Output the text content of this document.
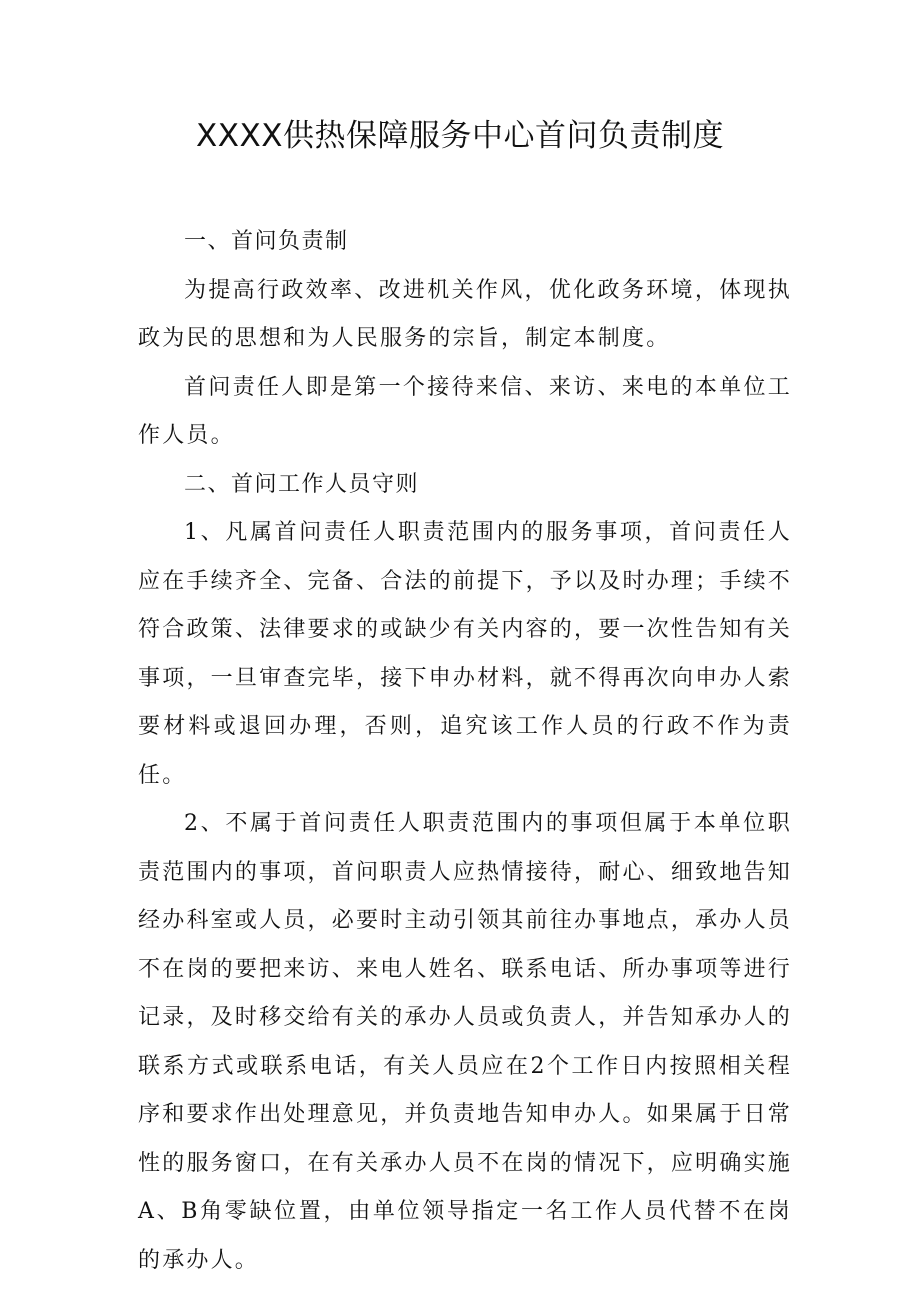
XXXX供热保障服务中心首问负责制度
一、首问负责制

为提高行政效率、改进机关作风，优化政务环境，体现执政为民的思想和为人民服务的宗旨，制定本制度。

首问责任人即是第一个接待来信、来访、来电的本单位工作人员。

二、首问工作人员守则

1、凡属首问责任人职责范围内的服务事项，首问责任人应在手续齐全、完备、合法的前提下，予以及时办理；手续不符合政策、法律要求的或缺少有关内容的，要一次性告知有关事项，一旦审查完毕，接下申办材料，就不得再次向申办人索要材料或退回办理，否则，追究该工作人员的行政不作为责任。

2、不属于首问责任人职责范围内的事项但属于本单位职责范围内的事项，首问职责人应热情接待，耐心、细致地告知经办科室或人员，必要时主动引领其前往办事地点，承办人员不在岗的要把来访、来电人姓名、联系电话、所办事项等进行记录，及时移交给有关的承办人员或负责人，并告知承办人的联系方式或联系电话，有关人员应在2个工作日内按照相关程序和要求作出处理意见，并负责地告知申办人。如果属于日常性的服务窗口，在有关承办人员不在岗的情况下，应明确实施A、B角零缺位置，由单位领导指定一名工作人员代替不在岗的承办人。
